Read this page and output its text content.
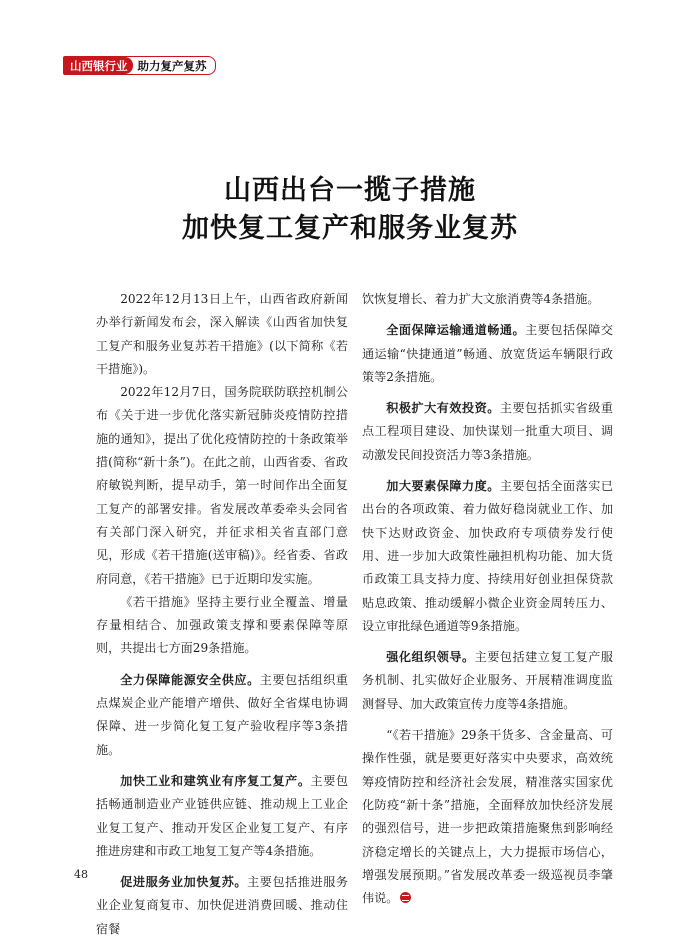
山西银行业 助力复产复苏
山西出台一揽子措施
加快复工复产和服务业复苏

2022年12月13日上午，山西省政府新闻办举行新闻发布会，深入解读《山西省加快复工复产和服务业复苏若干措施》(以下简称《若干措施》)。

2022年12月7日，国务院联防联控机制公布《关于进一步优化落实新冠肺炎疫情防控措施的通知》，提出了优化疫情防控的十条政策举措(简称“新十条”)。在此之前，山西省委、省政府敏锐判断，提早动手，第一时间作出全面复工复产的部署安排。省发展改革委牵头会同省有关部门深入研究，并征求相关省直部门意见，形成《若干措施(送审稿)》。经省委、省政府同意，《若干措施》已于近期印发实施。

《若干措施》坚持主要行业全覆盖、增量存量相结合、加强政策支撑和要素保障等原则，共提出七方面29条措施。

全力保障能源安全供应。主要包括组织重点煤炭企业产能增产增供、做好全省煤电协调保障、进一步简化复工复产验收程序等3条措施。

加快工业和建筑业有序复工复产。主要包括畅通制造业产业链供应链、推动规上工业企业复工复产、推动开发区企业复工复产、有序推进房建和市政工地复工复产等4条措施。

促进服务业加快复苏。主要包括推进服务业企业复商复市、加快促进消费回暖、推动住宿餐

饮恢复增长、着力扩大文旅消费等4条措施。

全面保障运输通道畅通。主要包括保障交通运输“快捷通道”畅通、放宽货运车辆限行政策等2条措施。

积极扩大有效投资。主要包括抓实省级重点工程项目建设、加快谋划一批重大项目、调动激发民间投资活力等3条措施。

加大要素保障力度。主要包括全面落实已出台的各项政策、着力做好稳岗就业工作、加快下达财政资金、加快政府专项债券发行使用、进一步加大政策性融担机构功能、加大货币政策工具支持力度、持续用好创业担保贷款贴息政策、推动缓解小微企业资金周转压力、设立审批绿色通道等9条措施。

强化组织领导。主要包括建立复工复产服务机制、扎实做好企业服务、开展精准调度监测督导、加大政策宣传力度等4条措施。

“《若干措施》29条干货多、含金量高、可操作性强，就是要更好落实中央要求，高效统筹疫情防控和经济社会发展，精准落实国家优化防疫“新十条”措施，全面释放加快经济发展的强烈信号，进一步把政策措施聚焦到影响经济稳定增长的关键点上，大力提振市场信心，增强发展预期。”省发展改革委一级巡视员李肇伟说。

48
